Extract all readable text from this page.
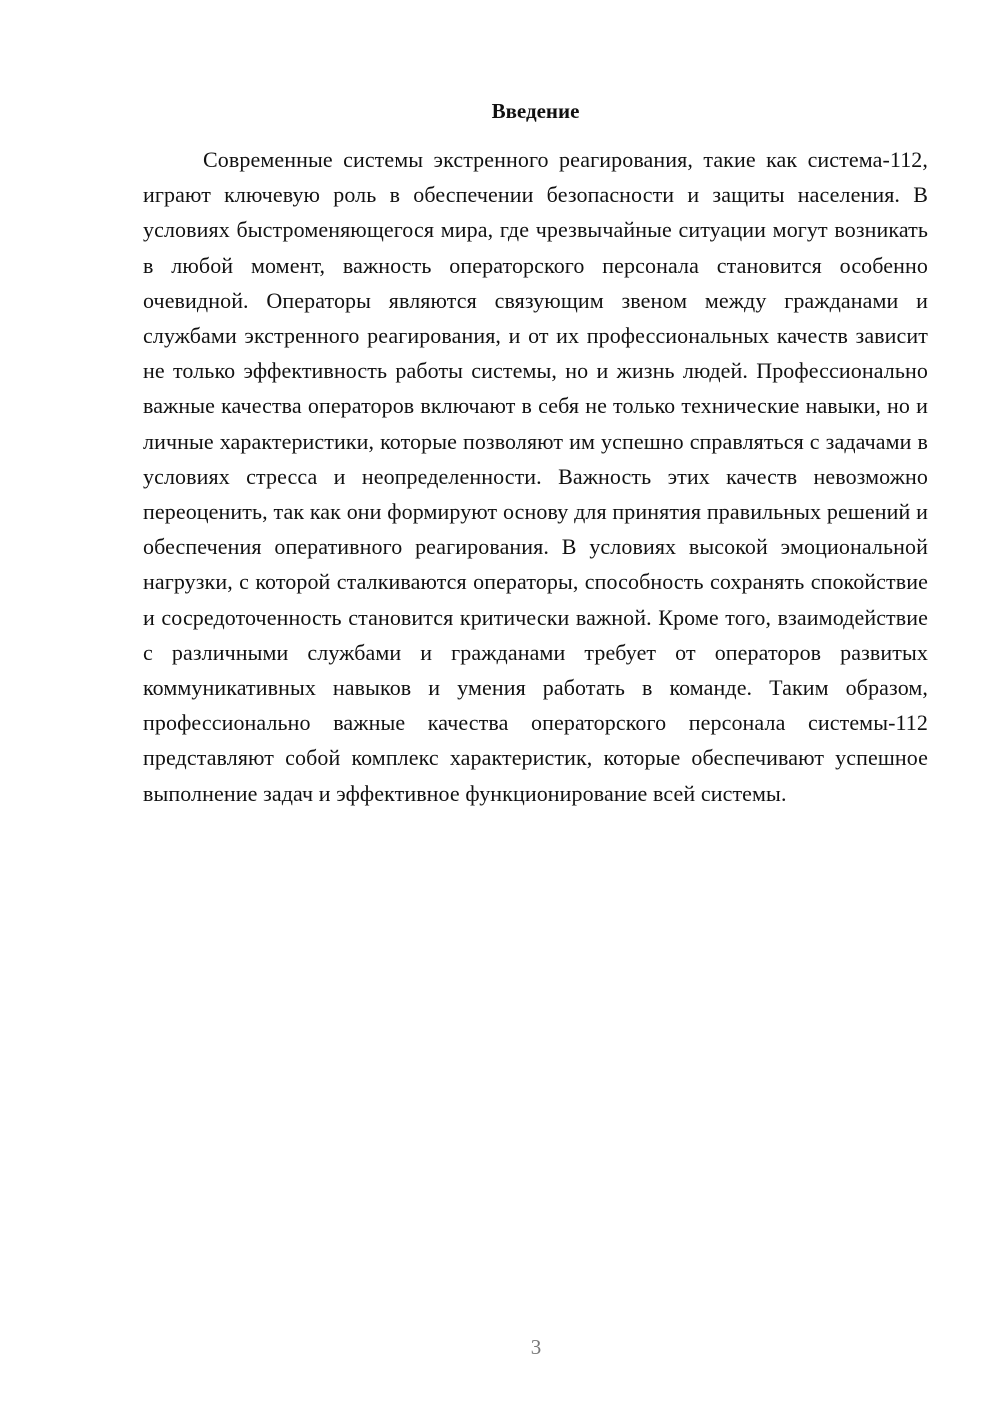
Введение

Современные системы экстренного реагирования, такие как система-112, играют ключевую роль в обеспечении безопасности и защиты населения. В условиях быстроменяющегося мира, где чрезвычайные ситуации могут возникать в любой момент, важность операторского персонала становится особенно очевидной. Операторы являются связующим звеном между гражданами и службами экстренного реагирования, и от их профессиональных качеств зависит не только эффективность работы системы, но и жизнь людей. Профессионально важные качества операторов включают в себя не только технические навыки, но и личные характеристики, которые позволяют им успешно справляться с задачами в условиях стресса и неопределенности. Важность этих качеств невозможно переоценить, так как они формируют основу для принятия правильных решений и обеспечения оперативного реагирования. В условиях высокой эмоциональной нагрузки, с которой сталкиваются операторы, способность сохранять спокойствие и сосредоточенность становится критически важной. Кроме того, взаимодействие с различными службами и гражданами требует от операторов развитых коммуникативных навыков и умения работать в команде. Таким образом, профессионально важные качества операторского персонала системы-112 представляют собой комплекс характеристик, которые обеспечивают успешное выполнение задач и эффективное функционирование всей системы.

3
